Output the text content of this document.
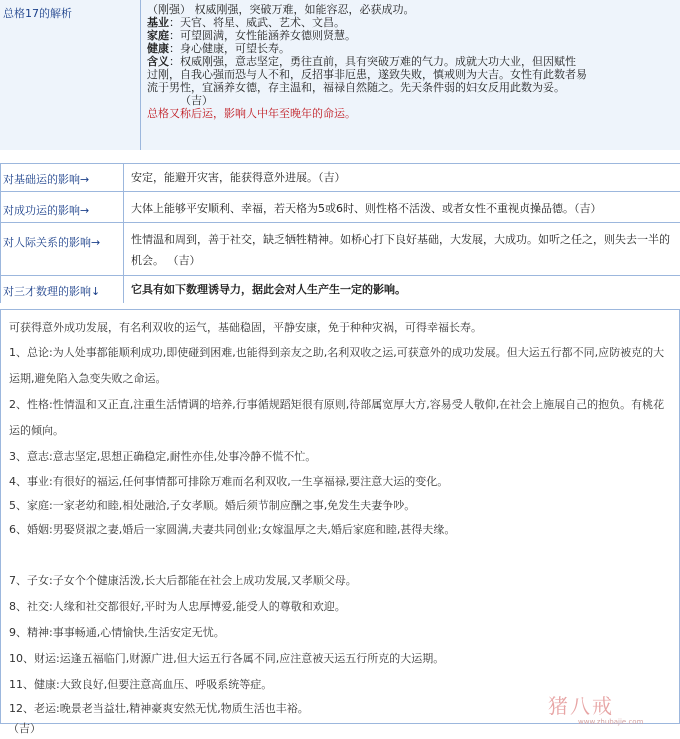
总格17的解析	（刚强） 权威刚强，突破万难，如能容忍，必获成功。
基业：天官、将星、威武、艺术、文昌。
家庭：可望圆满，女性能涵养女德则贤慧。
健康：身心健康，可望长寿。
含义：权威刚强，意志坚定，勇往直前，具有突破万难的气力。成就大功大业，但因赋性
过刚，自我心强而恐与人不和，反招事非厄患，遂致失败，慎戒则为大吉。女性有此数者易
流于男性，宜涵养女德，存主温和，福禄自然随之。先天条件弱的妇女反用此数为妥。
（吉）
总格又称后运，影响人中年至晚年的命运。
对基础运的影响→	安定，能避开灾害，能获得意外进展。（吉）
对成功运的影响→	大体上能够平安顺利、幸福，若天格为5或6时、则性格不活泼、或者女性不重视贞操品德。（吉）
对人际关系的影响→	性情温和周到，善于社交，缺乏牺牲精神。如桥心打下良好基础，大发展，大成功。如听之任之，则失去一半的机会。 （吉）
对三才数理的影响↓	它具有如下数理诱导力，据此会对人生产生一定的影响。
可获得意外成功发展，有名利双收的运气，基础稳固，平静安康，免于种种灾祸，可得幸福长寿。
1、总论:为人处事都能顺利成功,即使碰到困难,也能得到亲友之助,名利双收之运,可获意外的成功发展。但大运五行都不同,应防被克的大运期,避免陷入急变失败之命运。
2、性格:性情温和又正直,注重生活情调的培养,行事循规蹈矩很有原则,待部属宽厚大方,容易受人敬仰,在社会上施展自己的抱负。有桃花运的倾向。
3、意志:意志坚定,思想正确稳定,耐性亦佳,处事冷静不慌不忙。
4、事业:有很好的福运,任何事情都可排除万难而名利双收,一生享福禄,要注意大运的变化。
5、家庭:一家老幼和睦,相处融洽,子女孝顺。婚后须节制应酬之事,免发生夫妻争吵。
6、婚姻:男娶贤淑之妻,婚后一家圆满,夫妻共同创业;女嫁温厚之夫,婚后家庭和睦,甚得夫缘。
7、子女:子女个个健康活泼,长大后都能在社会上成功发展,又孝顺父母。
8、社交:人缘和社交都很好,平时为人忠厚博爱,能受人的尊敬和欢迎。
9、精神:事事畅通,心情愉快,生活安定无忧。
10、财运:运逢五福临门,财源广进,但大运五行各属不同,应注意被天运五行所克的大运期。
11、健康:大致良好,但要注意高血压、呼吸系统等症。
12、老运:晚景老当益壮,精神豪爽安然无忧,物质生活也丰裕。
（吉）
猪八戒
www.zhubajie.com
